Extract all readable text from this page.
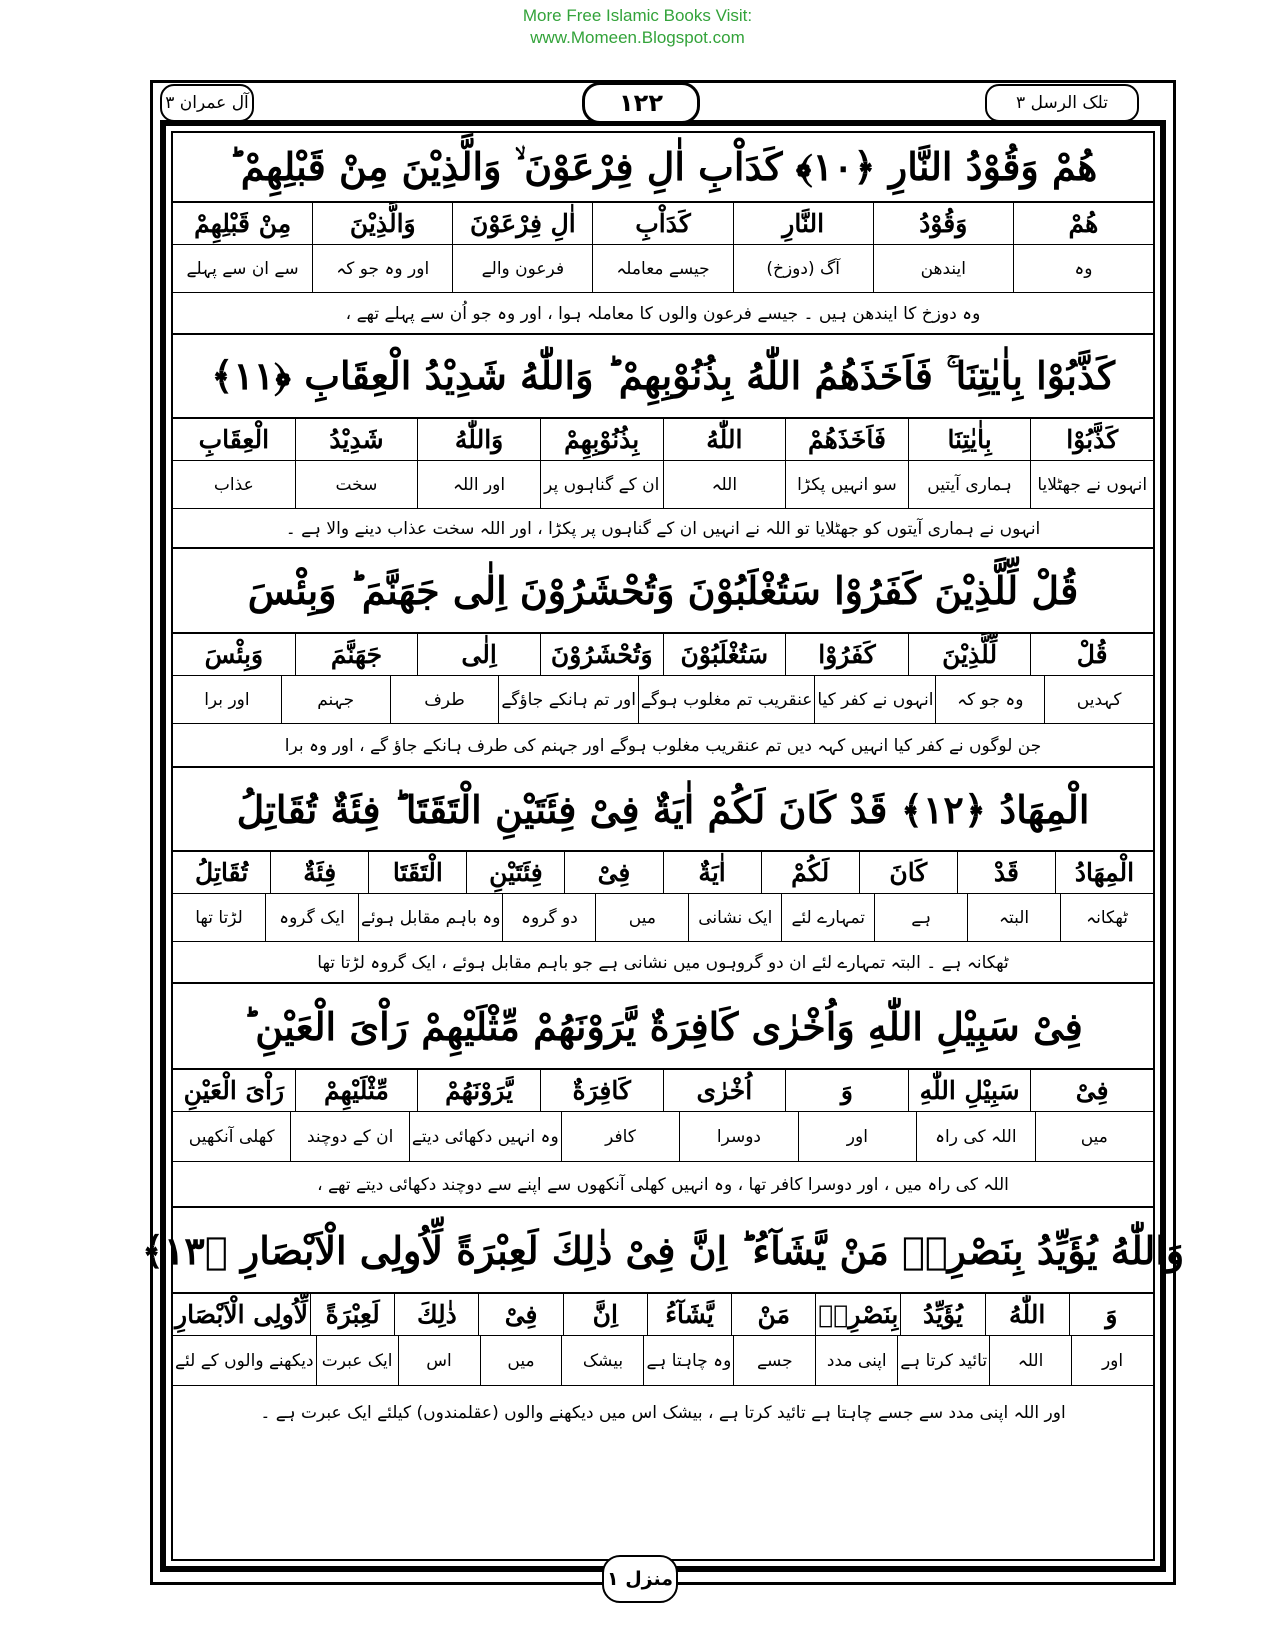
More Free Islamic Books Visit:
www.Momeen.Blogspot.com
تلک الرسل ۳
۱۲۲
آل عمران ۳
هُمْ وَقُوْدُ النَّارِ ﴿۱۰﴾ كَدَاْبِ اٰلِ فِرْعَوْنَ ۙ وَالَّذِيْنَ مِنْ قَبْلِهِمْ ؕ
هُمْ
وَقُوْدُ
النَّارِ
كَدَاْبِ
اٰلِ فِرْعَوْنَ
وَالَّذِيْنَ
مِنْ قَبْلِهِمْ
وہ
ایندھن
آگ (دوزخ)
جیسے معاملہ
فرعون والے
اور وہ جو کہ
سے ان سے پہلے
وہ دوزخ کا ایندھن ہیں ۔ جیسے فرعون والوں کا معاملہ ہوا ، اور وہ جو اُن سے پہلے تھے ،
كَذَّبُوْا بِاٰيٰتِنَا ۚ فَاَخَذَهُمُ اللّٰهُ بِذُنُوْبِهِمْ ؕ وَاللّٰهُ شَدِيْدُ الْعِقَابِ ﴿۱۱﴾
كَذَّبُوْا
بِاٰيٰتِنَا
فَاَخَذَهُمْ
اللّٰهُ
بِذُنُوْبِهِمْ
وَاللّٰهُ
شَدِيْدُ
الْعِقَابِ
انہوں نے جھٹلایا
ہماری آیتیں
سو انہیں پکڑا
اللہ
ان کے گناہوں پر
اور اللہ
سخت
عذاب
انہوں نے ہماری آیتوں کو جھٹلایا تو اللہ نے انہیں ان کے گناہوں پر پکڑا ، اور اللہ سخت عذاب دینے والا ہے ۔
قُلْ لِّلَّذِيْنَ كَفَرُوْا سَتُغْلَبُوْنَ وَتُحْشَرُوْنَ اِلٰى جَهَنَّمَ ؕ وَبِئْسَ
قُلْ
لِّلَّذِيْنَ
كَفَرُوْا
سَتُغْلَبُوْنَ
وَتُحْشَرُوْنَ
اِلٰى
جَهَنَّمَ
وَبِئْسَ
کہدیں
وہ جو کہ
انہوں نے کفر کیا
عنقریب تم مغلوب ہوگے
اور تم ہانکے جاؤگے
طرف
جہنم
اور برا
جن لوگوں نے کفر کیا انہیں کہہ دیں تم عنقریب مغلوب ہوگے اور جہنم کی طرف ہانکے جاؤ گے ، اور وہ برا
الْمِهَادُ ﴿۱۲﴾ قَدْ كَانَ لَكُمْ اٰيَةٌ فِىْ فِئَتَيْنِ الْتَقَتَا ؕ فِئَةٌ تُقَاتِلُ
الْمِهَادُ
قَدْ
كَانَ
لَكُمْ
اٰيَةٌ
فِىْ
فِئَتَيْنِ
الْتَقَتَا
فِئَةٌ
تُقَاتِلُ
ٹھکانہ
البتہ
ہے
تمہارے لئے
ایک نشانی
میں
دو گروہ
وہ باہم مقابل ہوئے
ایک گروہ
لڑتا تھا
ٹھکانہ ہے ۔ البتہ تمہارے لئے ان دو گروہوں میں نشانی ہے جو باہم مقابل ہوئے ، ایک گروہ لڑتا تھا
فِىْ سَبِيْلِ اللّٰهِ وَاُخْرٰى كَافِرَةٌ يَّرَوْنَهُمْ مِّثْلَيْهِمْ رَاْىَ الْعَيْنِ ؕ
فِىْ
سَبِيْلِ اللّٰهِ
وَ
اُخْرٰى
كَافِرَةٌ
يَّرَوْنَهُمْ
مِّثْلَيْهِمْ
رَاْىَ الْعَيْنِ
میں
اللہ کی راہ
اور
دوسرا
کافر
وہ انہیں دکھائی دیتے
ان کے دوچند
کھلی آنکھیں
اللہ کی راہ میں ، اور دوسرا کافر تھا ، وہ انہیں کھلی آنکھوں سے اپنے سے دوچند دکھائی دیتے تھے ،
وَاللّٰهُ يُؤَيِّدُ بِنَصْرِهٖ مَنْ يَّشَآءُ ؕ اِنَّ فِىْ ذٰلِكَ لَعِبْرَةً لِّاُولِى الْاَبْصَارِ ﴿۱۳﴾
وَ
اللّٰهُ
يُؤَيِّدُ
بِنَصْرِهٖ
مَنْ
يَّشَآءُ
اِنَّ
فِىْ
ذٰلِكَ
لَعِبْرَةً
لِّاُولِى الْاَبْصَارِ
اور
اللہ
تائید کرتا ہے
اپنی مدد
جسے
وہ چاہتا ہے
بیشک
میں
اس
ایک عبرت
دیکھنے والوں کے لئے
اور اللہ اپنی مدد سے جسے چاہتا ہے تائید کرتا ہے ، بیشک اس میں دیکھنے والوں (عقلمندوں) کیلئے ایک عبرت ہے ۔
منزل ۱
